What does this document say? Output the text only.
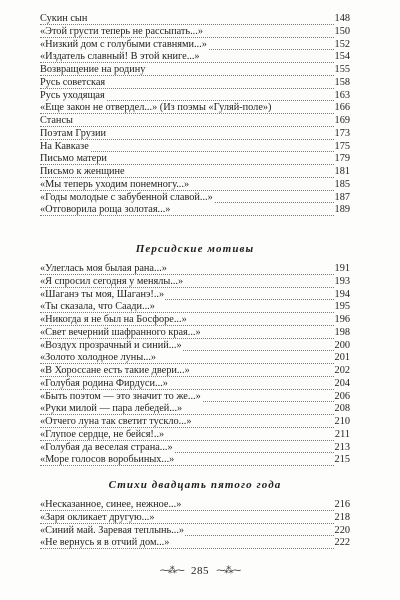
Сукин сын	148
«Этой грусти теперь не рассыпать...»	150
«Низкий дом с голубыми ставнями...»	152
«Издатель славный! В этой книге...»	154
Возвращение на родину	155
Русь советская	158
Русь уходящая	163
«Еще закон не отвердел...» (Из поэмы «Гуляй-поле»)	166
Стансы	169
Поэтам Грузии	173
На Кавказе	175
Письмо матери	179
Письмо к женщине	181
«Мы теперь уходим понемногу...»	185
«Годы молодые с забубенной славой...»	187
«Отговорила роща золотая...»	189
Персидские мотивы
«Улеглась моя былая рана...»	191
«Я спросил сегодня у менялы...»	193
«Шаганэ ты моя, Шаганэ!..»	194
«Ты сказала, что Саади...»	195
«Никогда я не был на Босфоре...»	196
«Свет вечерний шафранного края...»	198
«Воздух прозрачный и синий...»	200
«Золото холодное луны...»	201
«В Хороссане есть такие двери...»	202
«Голубая родина Фирдуси...»	204
«Быть поэтом — это значит то же...»	206
«Руки милой — пара лебедей...»	208
«Отчего луна так светит тускло...»	210
«Глупое сердце, не бейся!..»	211
«Голубая да веселая страна...»	213
«Море голосов воробьиных...»	215
Стихи двадцать пятого года
«Несказанное, синее, нежное...»	216
«Заря окликает другую...»	218
«Синий май. Заревая теплынь...»	220
«Не вернусь я в отчий дом...»	222
⁓⁂⁓ 285 ⁓⁂⁓
